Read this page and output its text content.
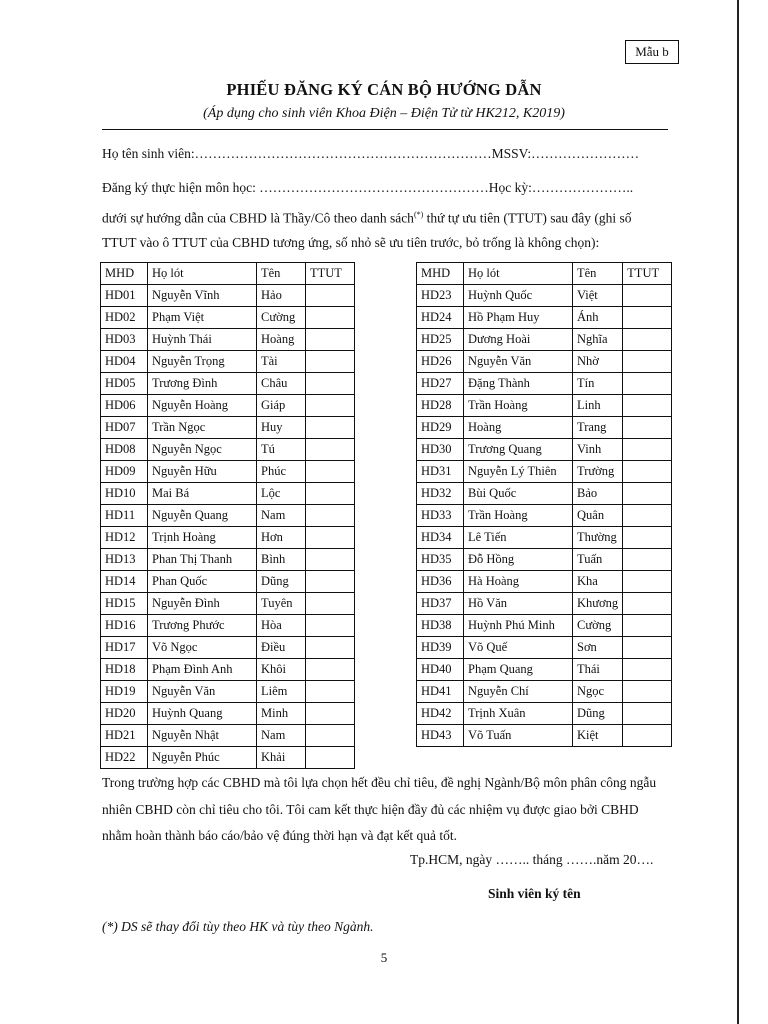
Mẫu b
PHIẾU ĐĂNG KÝ CÁN BỘ HƯỚNG DẪN
(Áp dụng cho sinh viên Khoa Điện – Điện Tử từ HK212, K2019)
Họ tên sinh viên:…………………………………………………………MSSV:……………………
Đăng ký thực hiện môn học: ……………………………………………Học kỳ:…………………..
dưới sự hướng dẫn của CBHD là Thầy/Cô theo danh sách(*) thứ tự ưu tiên (TTUT) sau đây (ghi số TTUT vào ô TTUT của CBHD tương ứng, số nhỏ sẽ ưu tiên trước, bỏ trống là không chọn):
MHD	Họ lót	Tên	TTUT
HD01	Nguyễn Vĩnh	Hảo	
HD02	Phạm Việt	Cường	
HD03	Huỳnh Thái	Hoàng	
HD04	Nguyễn Trọng	Tài	
HD05	Trương Đình	Châu	
HD06	Nguyễn Hoàng	Giáp	
HD07	Trần Ngọc	Huy	
HD08	Nguyễn Ngọc	Tú	
HD09	Nguyễn Hữu	Phúc	
HD10	Mai Bá	Lộc	
HD11	Nguyễn Quang	Nam	
HD12	Trịnh Hoàng	Hơn	
HD13	Phan Thị Thanh	Bình	
HD14	Phan Quốc	Dũng	
HD15	Nguyễn Đình	Tuyên	
HD16	Trương Phước	Hòa	
HD17	Võ Ngọc	Điều	
HD18	Phạm Đình Anh	Khôi	
HD19	Nguyễn Văn	Liêm	
HD20	Huỳnh Quang	Minh	
HD21	Nguyễn Nhật	Nam	
HD22	Nguyễn Phúc	Khải	
MHD	Họ lót	Tên	TTUT
HD23	Huỳnh Quốc	Việt	
HD24	Hồ Phạm Huy	Ánh	
HD25	Dương Hoài	Nghĩa	
HD26	Nguyễn Văn	Nhờ	
HD27	Đặng Thành	Tín	
HD28	Trần Hoàng	Linh	
HD29	Hoàng	Trang	
HD30	Trương Quang	Vinh	
HD31	Nguyễn Lý Thiên	Trường	
HD32	Bùi Quốc	Bảo	
HD33	Trần Hoàng	Quân	
HD34	Lê Tiến	Thường	
HD35	Đỗ Hồng	Tuấn	
HD36	Hà Hoàng	Kha	
HD37	Hồ Văn	Khương	
HD38	Huỳnh Phú Minh	Cường	
HD39	Võ Quế	Sơn	
HD40	Phạm Quang	Thái	
HD41	Nguyễn Chí	Ngọc	
HD42	Trịnh Xuân	Dũng	
HD43	Võ Tuấn	Kiệt	
Trong trường hợp các CBHD mà tôi lựa chọn hết đều chỉ tiêu, đề nghị Ngành/Bộ môn phân công ngẫu nhiên CBHD còn chỉ tiêu cho tôi. Tôi cam kết thực hiện đầy đủ các nhiệm vụ được giao bởi CBHD nhằm hoàn thành báo cáo/bảo vệ đúng thời hạn và đạt kết quả tốt.
Tp.HCM, ngày …….. tháng …….năm 20….
Sinh viên ký tên
(*) DS sẽ thay đổi tùy theo HK và tùy theo Ngành.
5
